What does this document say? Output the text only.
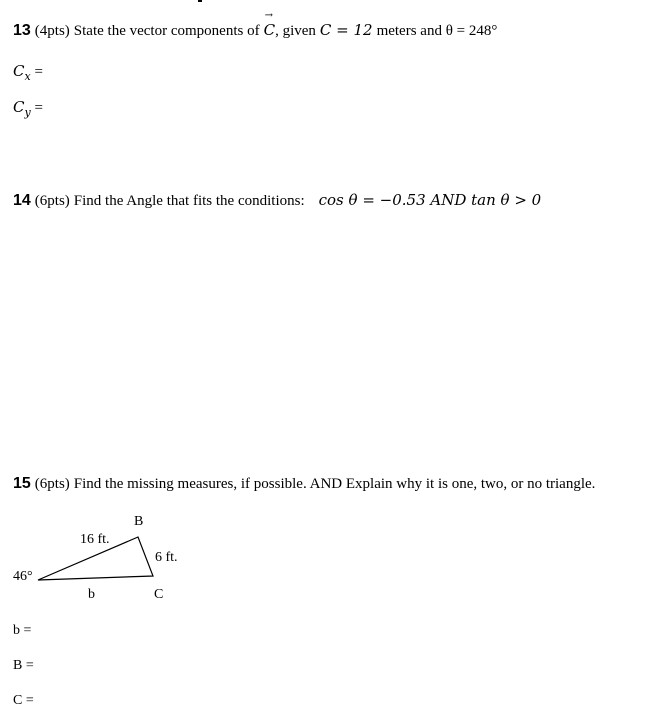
13 (4pts) State the vector components of
→
C, given C = 12 meters and θ = 248°
$C_x$ =
$C_y$ =
14 (6pts) Find the Angle that fits the conditions: cos θ = −0.53 AND tan θ > 0
15 (6pts) Find the missing measures, if possible. AND Explain why it is one, two, or no triangle.
B
16 ft.
6 ft.
46°
b	C
b =
B =
C =
